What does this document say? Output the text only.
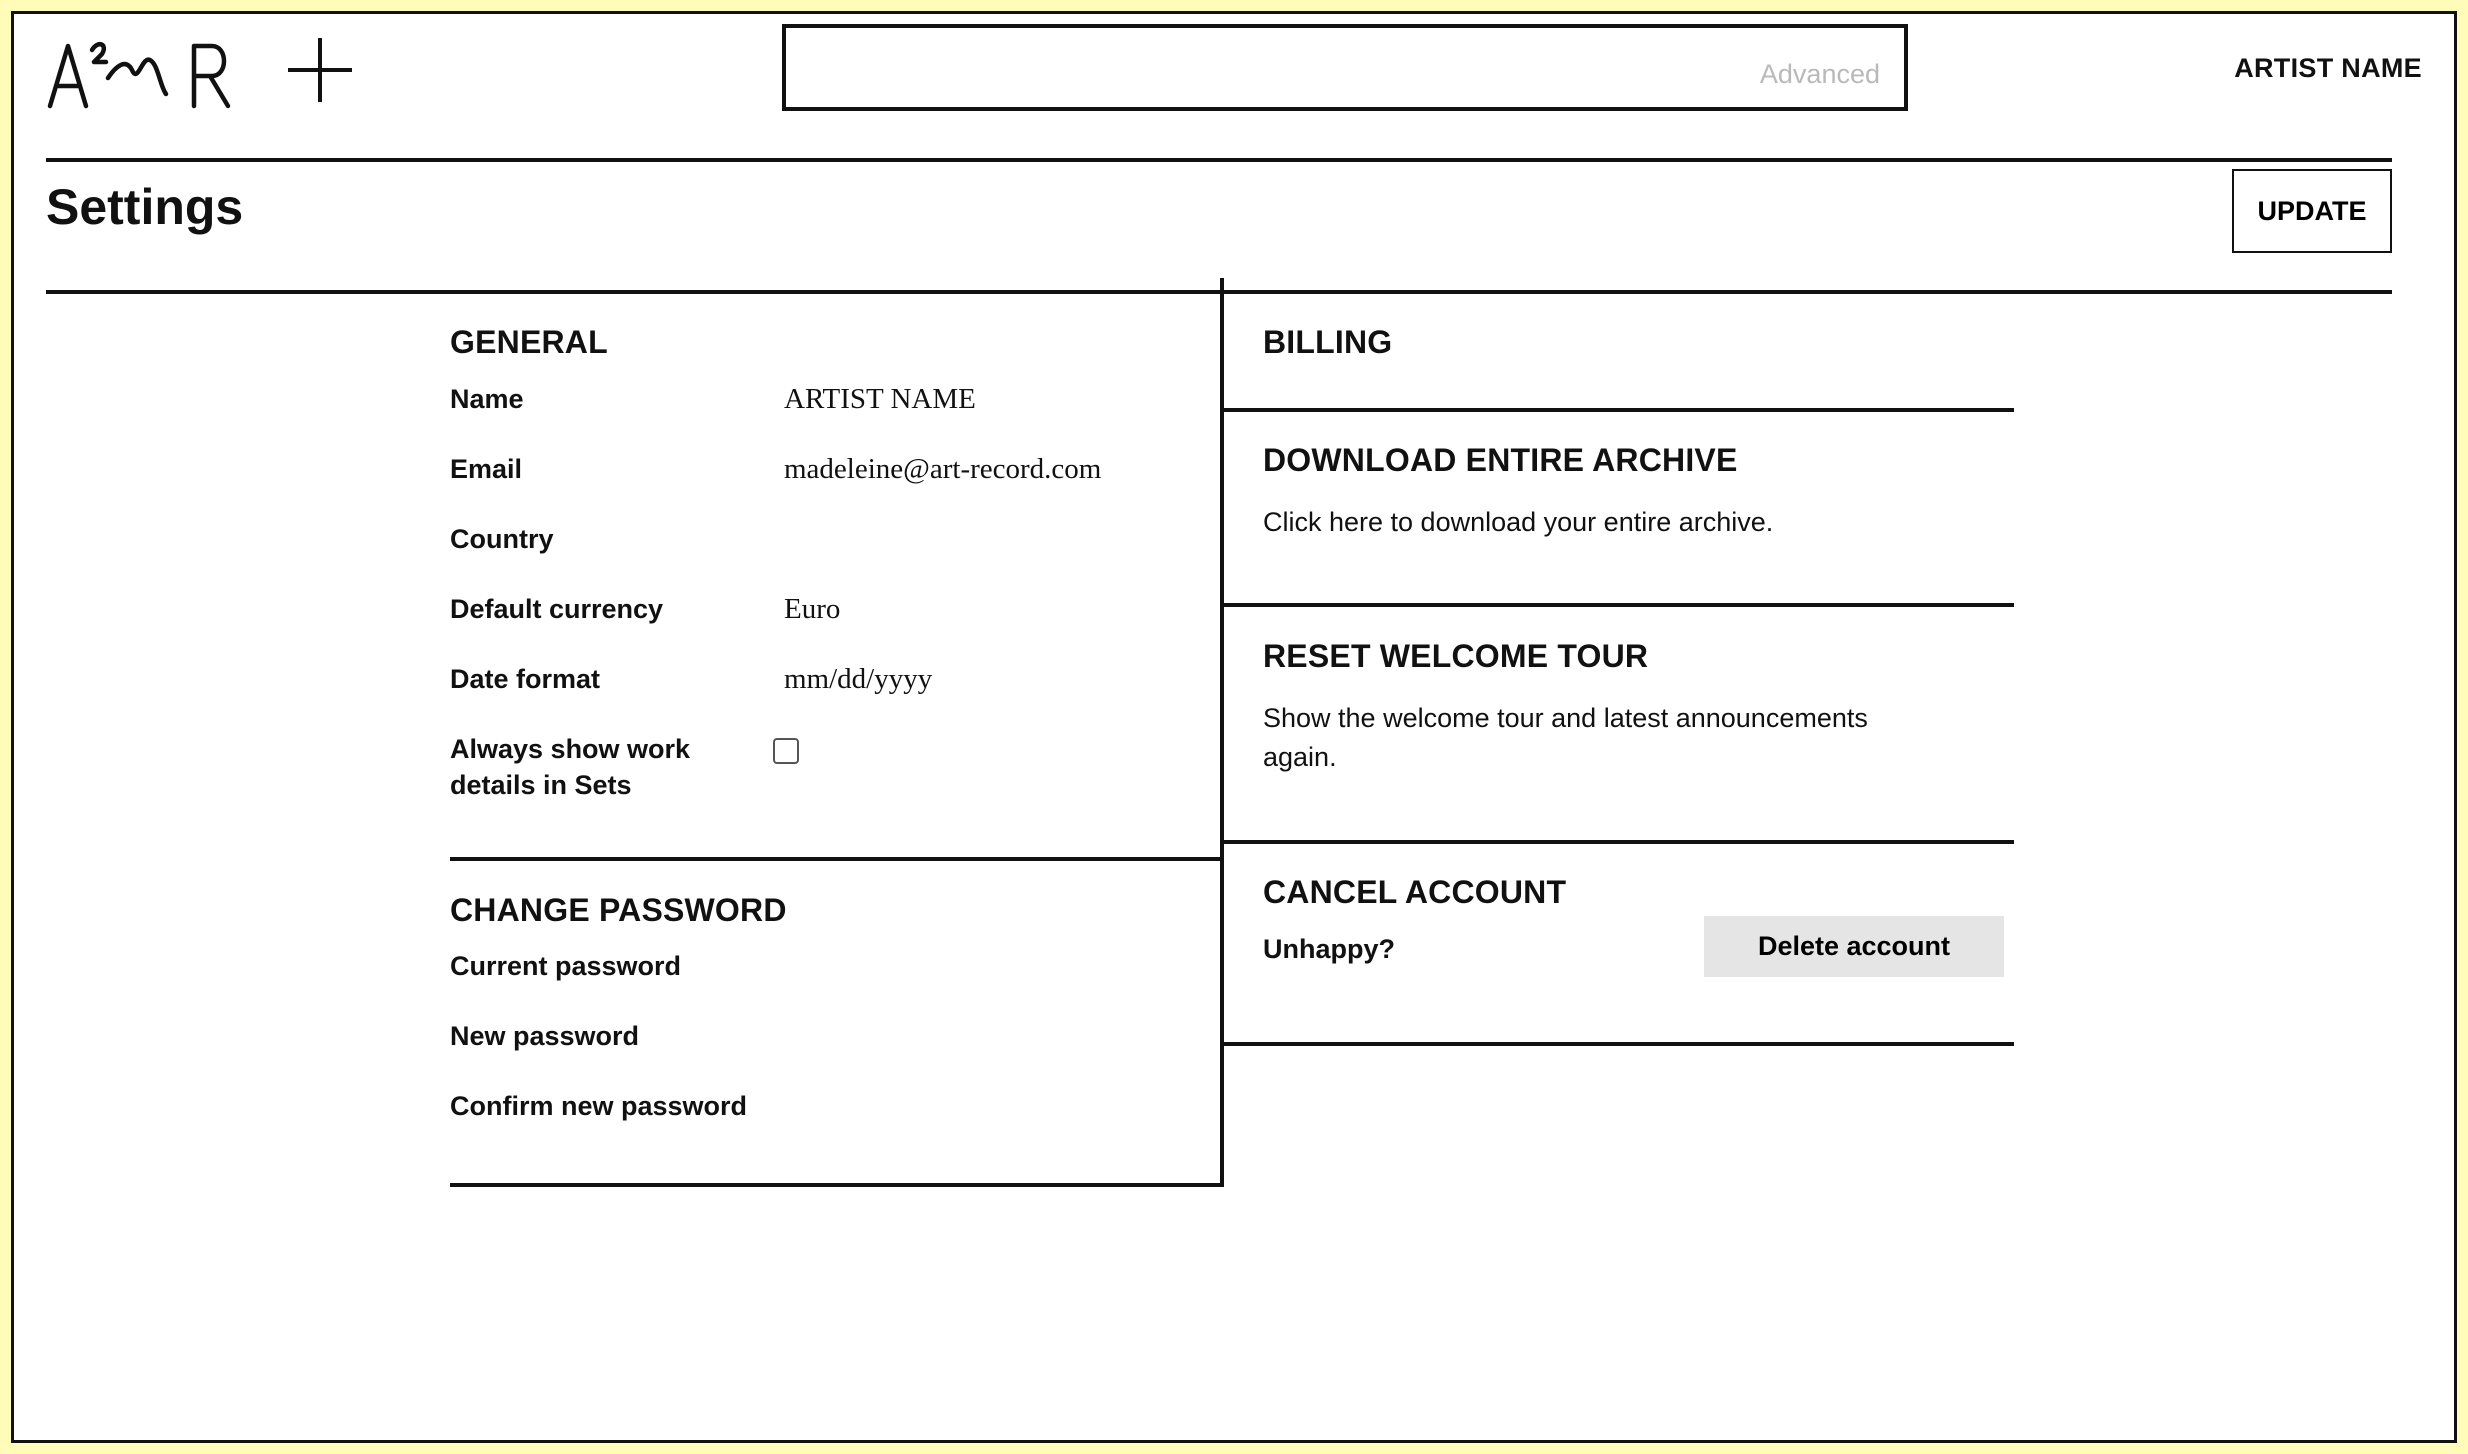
Advanced	ARTIST NAME
Settings	UPDATE
GENERAL
Name	ARTIST NAME
Email	madeleine@art-record.com
Country
Default currency	Euro
Date format	mm/dd/yyyy
Always show work
details in Sets
CHANGE PASSWORD
Current password
New password
Confirm new password
BILLING
DOWNLOAD ENTIRE ARCHIVE
Click here to download your entire archive.
RESET WELCOME TOUR
Show the welcome tour and latest announcements
again.
CANCEL ACCOUNT
Unhappy?	Delete account
